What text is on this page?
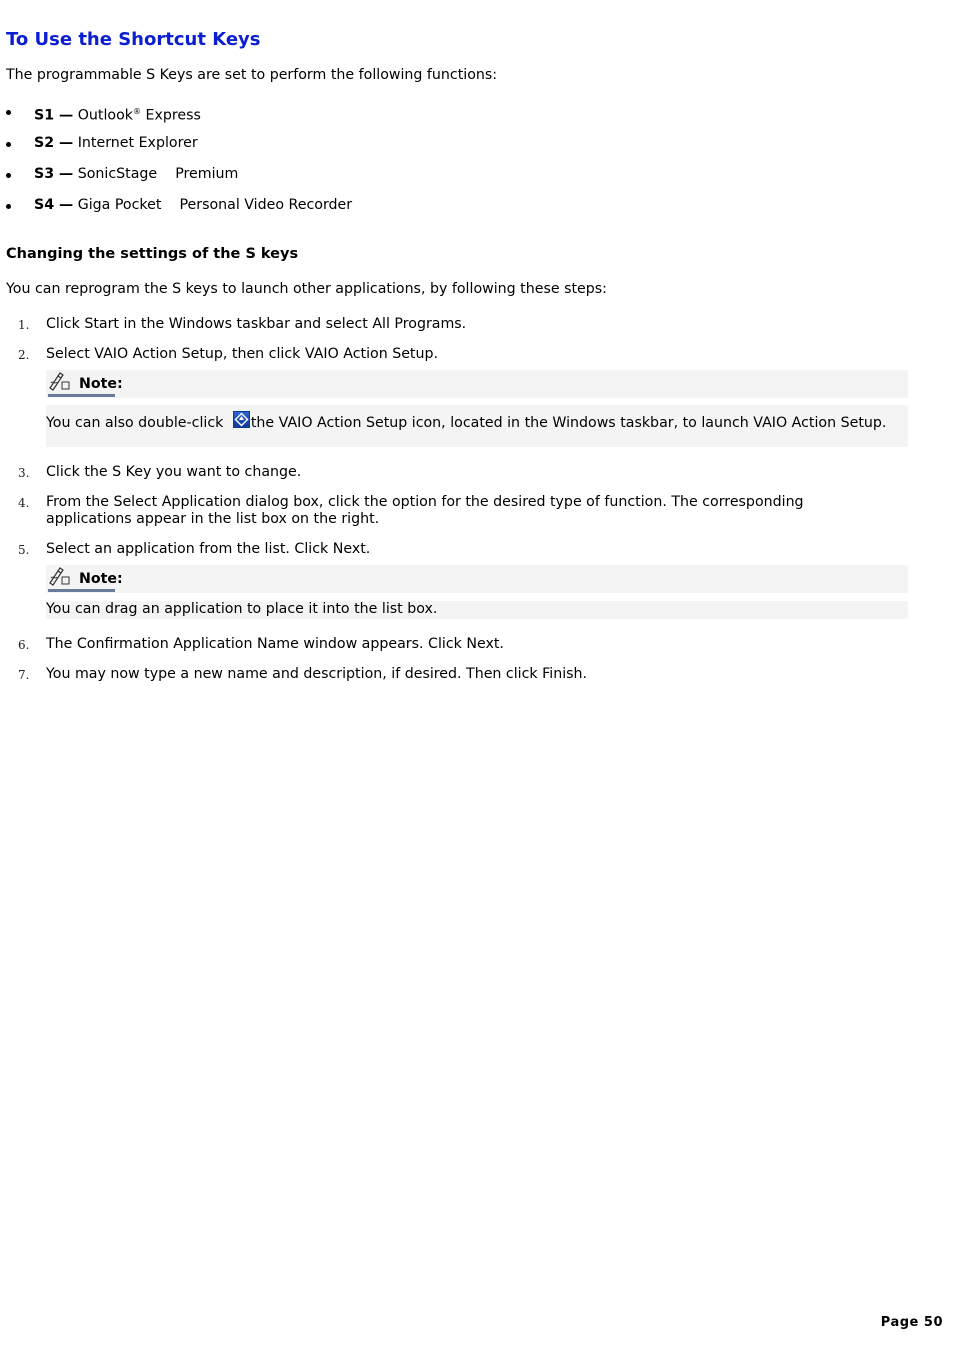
To Use the Shortcut Keys

The programmable S Keys are set to perform the following functions:

S1 — Outlook® Express
S2 — Internet Explorer
S3 — SonicStage    Premium
S4 — Giga Pocket    Personal Video Recorder
Changing the settings of the S keys

You can reprogram the S keys to launch other applications, by following these steps:

1. Click Start in the Windows taskbar and select All Programs.
2. Select VAIO Action Setup, then click VAIO Action Setup.
Note:
You can also double-click
the VAIO Action Setup icon, located in the Windows taskbar, to launch VAIO Action Setup.
3. Click the S Key you want to change.
4. From the Select Application dialog box, click the option for the desired type of function. The corresponding applications appear in the list box on the right.
5. Select an application from the list. Click Next.
Note:
You can drag an application to place it into the list box.
6. The Confirmation Application Name window appears. Click Next.
7. You may now type a new name and description, if desired. Then click Finish.
Page 50
